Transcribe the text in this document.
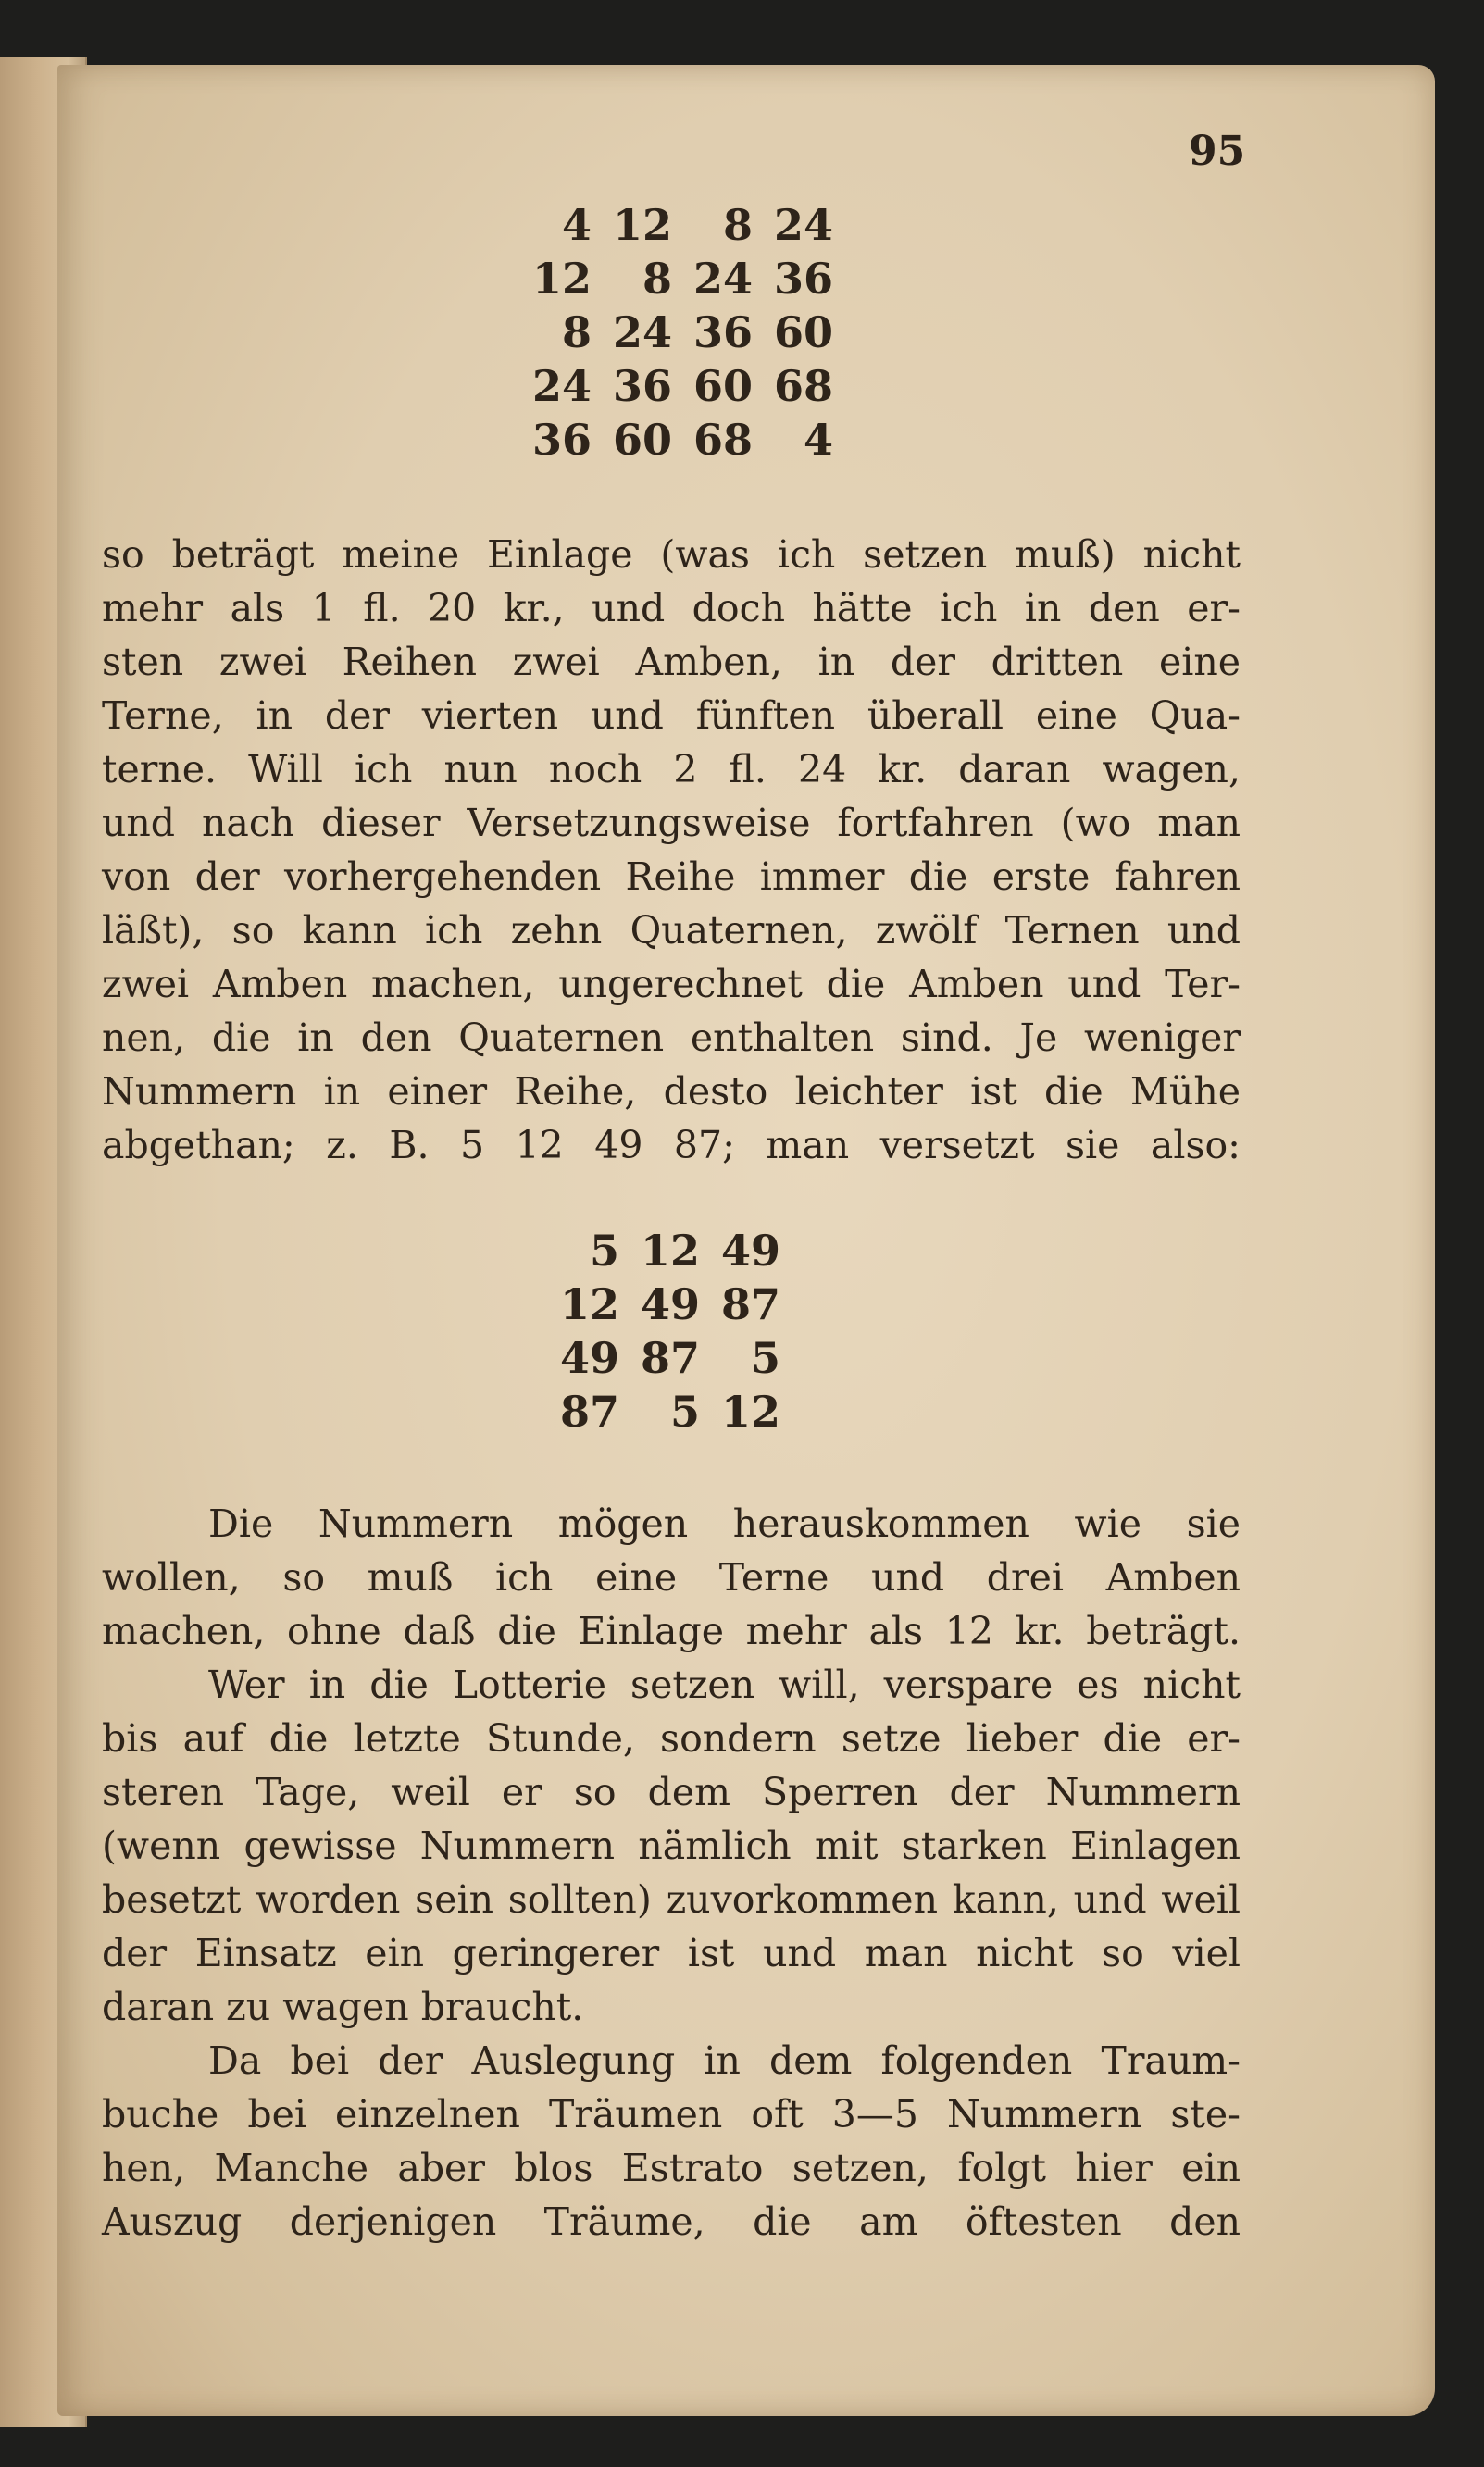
95
4 12	8 24
12	8 24 36
8 24 36 60
24 36 60 68
36 60 68	4
so beträgt meine Einlage (was ich setzen muß) nicht
mehr als 1 fl. 20 kr., und doch hätte ich in den er-
sten zwei Reihen zwei Amben, in der dritten eine
Terne, in der vierten und fünften überall eine Qua-
terne. Will ich nun noch 2 fl. 24 kr. daran wagen,
und nach dieser Versetzungsweise fortfahren (wo man
von der vorhergehenden Reihe immer die erste fahren
läßt), so kann ich zehn Quaternen, zwölf Ternen und
zwei Amben machen, ungerechnet die Amben und Ter-
nen, die in den Quaternen enthalten sind. Je weniger
Nummern in einer Reihe, desto leichter ist die Mühe
abgethan; z. B. 5 12 49 87; man versetzt sie also:
5 12 49
12 49 87
49 87	5
87	5 12
Die Nummern mögen herauskommen wie sie
wollen, so muß ich eine Terne und drei Amben
machen, ohne daß die Einlage mehr als 12 kr. beträgt.
Wer in die Lotterie setzen will, verspare es nicht
bis auf die letzte Stunde, sondern setze lieber die er-
steren Tage, weil er so dem Sperren der Nummern
(wenn gewisse Nummern nämlich mit starken Einlagen
besetzt worden sein sollten) zuvorkommen kann, und weil
der Einsatz ein geringerer ist und man nicht so viel
daran zu wagen braucht.
Da bei der Auslegung in dem folgenden Traum-
buche bei einzelnen Träumen oft 3—5 Nummern ste-
hen, Manche aber blos Estrato setzen, folgt hier ein
Auszug derjenigen Träume, die am öftesten den
